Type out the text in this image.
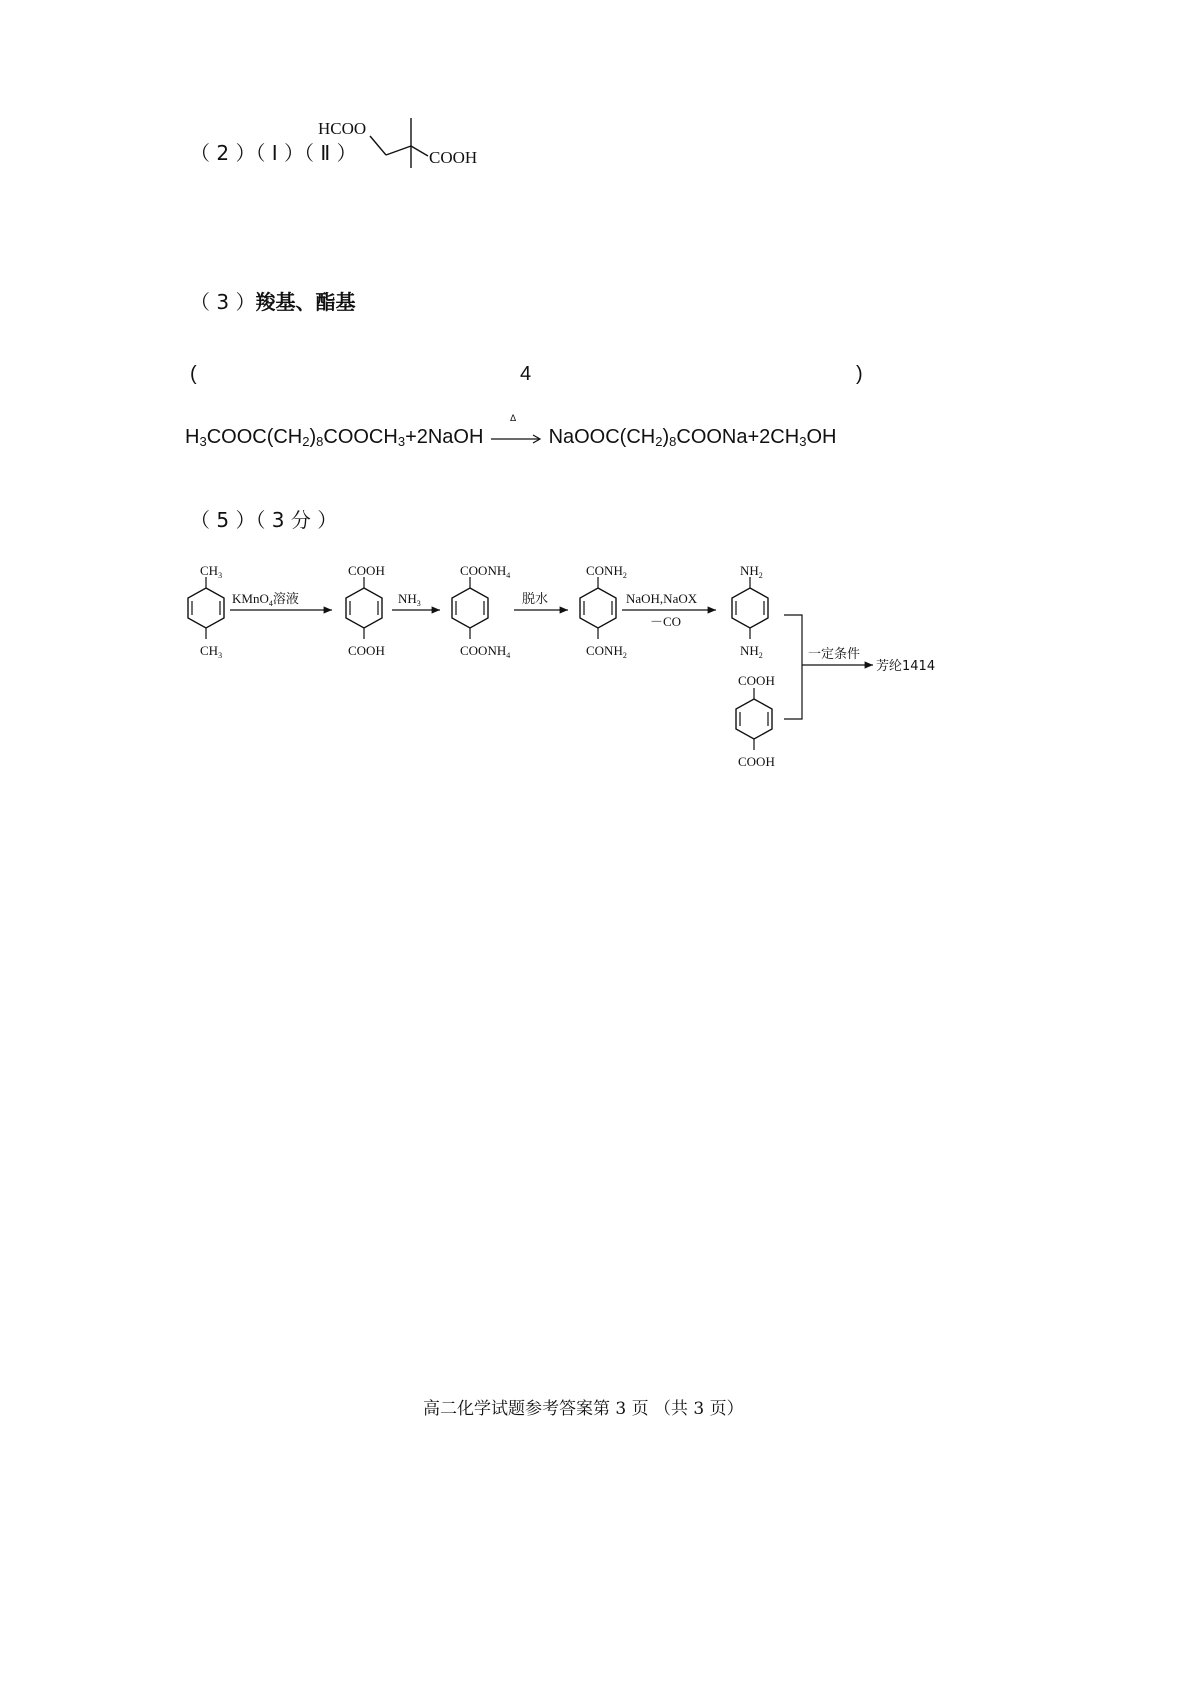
（ 2 ）（ Ⅰ ）（ Ⅱ ）
HCOO
COOH
（ 3 ）羧基、酯基
(	4	)
$H_3COOC(CH_2)_8COOCH_3+2NaOH$
Δ
$NaOOC(CH_2)_8COONa+2CH_3OH$
（ 5 ）（ 3 分 ）
$CH_3$
$CH_3$
KMnO$_4$溶液
COOH
COOH
$NH_3$
$COONH_4$
$COONH_4$
脱水
$CONH_2$
$CONH_2$
NaOH,NaOX
－CO
$NH_2$
$NH_2$
COOH
COOH
一定条件
芳纶1414
高二化学试题参考答案第 3 页 （共 3 页）
